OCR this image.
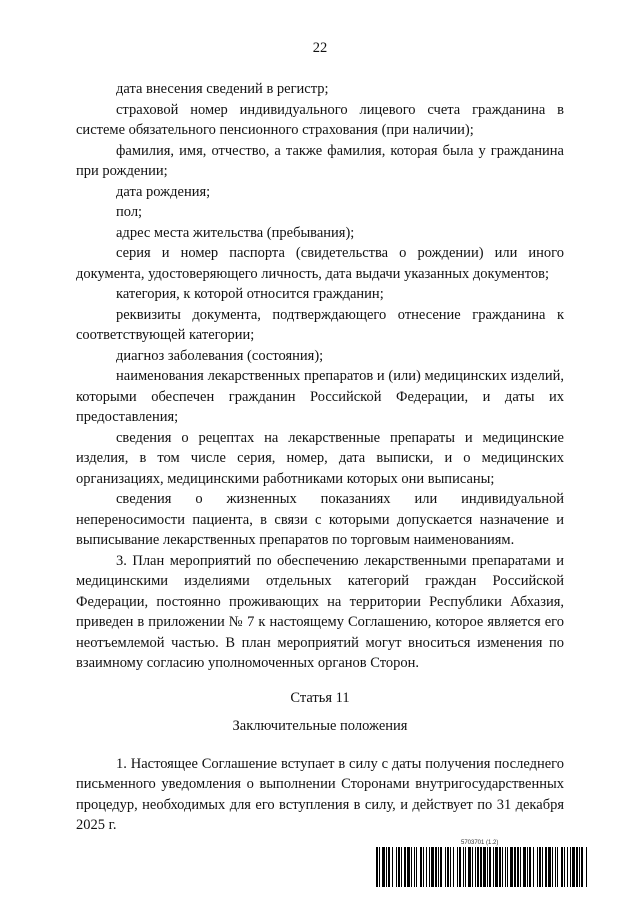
22

дата внесения сведений в регистр;

страховой номер индивидуального лицевого счета гражданина в системе обязательного пенсионного страхования (при наличии);

фамилия, имя, отчество, а также фамилия, которая была у гражданина при рождении;

дата рождения;

пол;

адрес места жительства (пребывания);

серия и номер паспорта (свидетельства о рождении) или иного документа, удостоверяющего личность, дата выдачи указанных документов;

категория, к которой относится гражданин;

реквизиты документа, подтверждающего отнесение гражданина к соответствующей категории;

диагноз заболевания (состояния);

наименования лекарственных препаратов и (или) медицинских изделий, которыми обеспечен гражданин Российской Федерации, и даты их предоставления;

сведения о рецептах на лекарственные препараты и медицинские изделия, в том числе серия, номер, дата выписки, и о медицинских организациях, медицинскими работниками которых они выписаны;

сведения о жизненных показаниях или индивидуальной непереносимости пациента, в связи с которыми допускается назначение и выписывание лекарственных препаратов по торговым наименованиям.

3. План мероприятий по обеспечению лекарственными препаратами и медицинскими изделиями отдельных категорий граждан Российской Федерации, постоянно проживающих на территории Республики Абхазия, приведен в приложении № 7 к настоящему Соглашению, которое является его неотъемлемой частью. В план мероприятий могут вноситься изменения по взаимному согласию уполномоченных органов Сторон.

Статья 11

Заключительные положения

1. Настоящее Соглашение вступает в силу с даты получения последнего письменного уведомления о выполнении Сторонами внутригосударственных процедур, необходимых для его вступления в силу, и действует по 31 декабря 2025 г.

5703701 (1.2)
